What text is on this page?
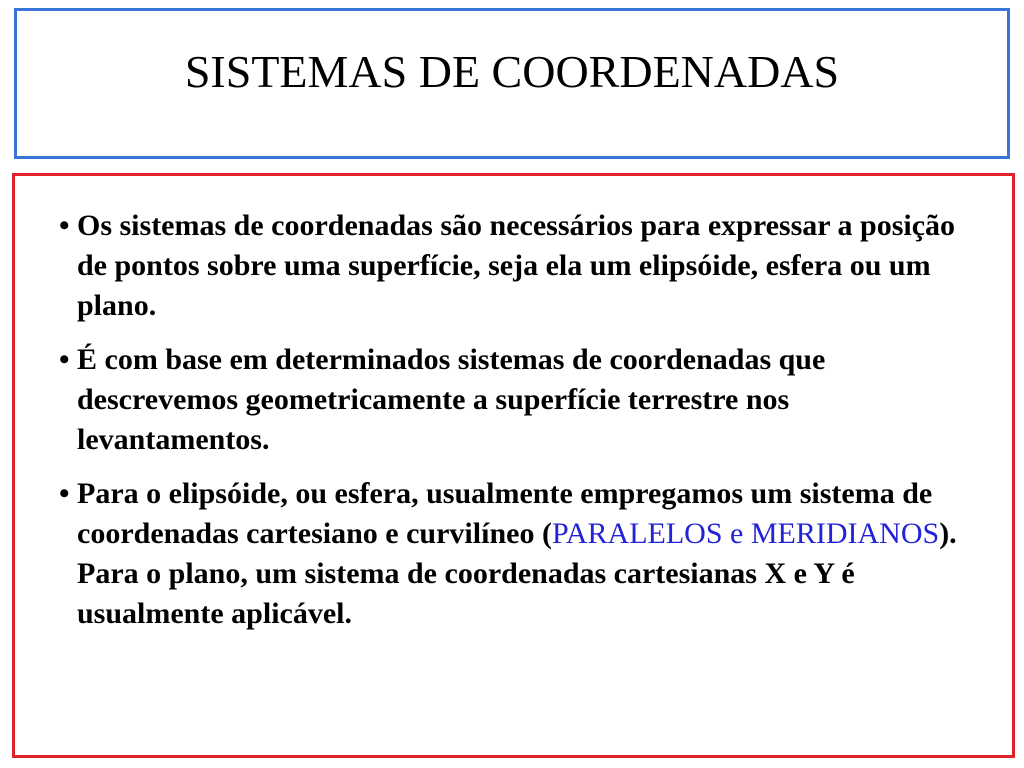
SISTEMAS DE COORDENADAS
• Os sistemas de coordenadas são necessários para expressar a posição de pontos sobre uma superfície, seja ela um elipsóide, esfera ou um plano.
• É com base em determinados sistemas de coordenadas que descrevemos geometricamente a superfície terrestre nos levantamentos.
• Para o elipsóide, ou esfera, usualmente empregamos um sistema de coordenadas cartesiano e curvilíneo (PARALELOS e MERIDIANOS). Para o plano, um sistema de coordenadas cartesianas X e Y é usualmente aplicável.
